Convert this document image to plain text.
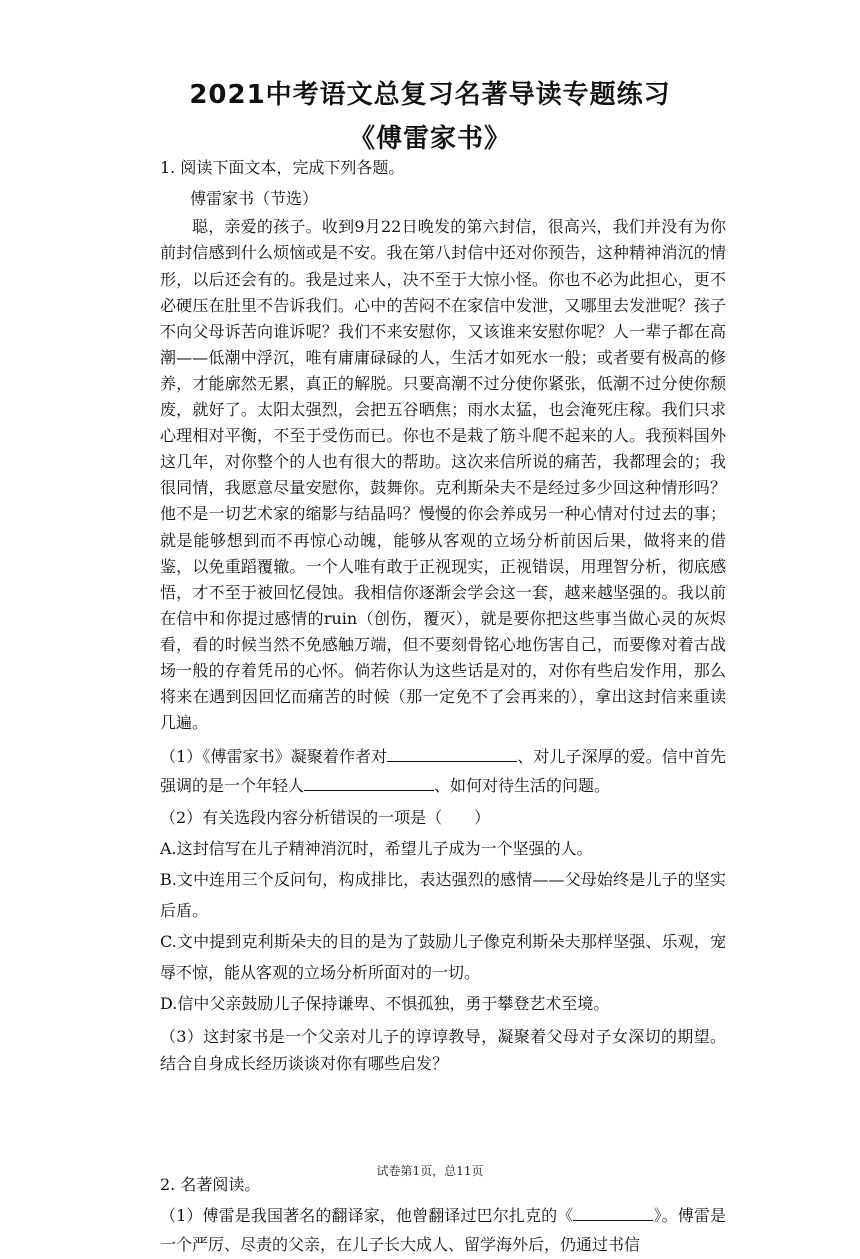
2021中考语文总复习名著导读专题练习
《傅雷家书》
1. 阅读下面文本，完成下列各题。
傅雷家书（节选）

聪，亲爱的孩子。收到9月22日晚发的第六封信，很高兴，我们并没有为你前封信感到什么烦恼或是不安。我在第八封信中还对你预告，这种精神消沉的情形，以后还会有的。我是过来人，决不至于大惊小怪。你也不必为此担心，更不必硬压在肚里不告诉我们。心中的苦闷不在家信中发泄，又哪里去发泄呢？孩子不向父母诉苦向谁诉呢？我们不来安慰你，又该谁来安慰你呢？人一辈子都在高潮——低潮中浮沉，唯有庸庸碌碌的人，生活才如死水一般；或者要有极高的修养，才能廓然无累，真正的解脱。只要高潮不过分使你紧张，低潮不过分使你颓废，就好了。太阳太强烈，会把五谷晒焦；雨水太猛，也会淹死庄稼。我们只求心理相对平衡，不至于受伤而已。你也不是栽了筋斗爬不起来的人。我预料国外这几年，对你整个的人也有很大的帮助。这次来信所说的痛苦，我都理会的；我很同情，我愿意尽量安慰你，鼓舞你。克利斯朵夫不是经过多少回这种情形吗？他不是一切艺术家的缩影与结晶吗？慢慢的你会养成另一种心情对付过去的事；就是能够想到而不再惊心动魄，能够从客观的立场分析前因后果，做将来的借鉴，以免重蹈覆辙。一个人唯有敢于正视现实，正视错误，用理智分析，彻底感悟，才不至于被回忆侵蚀。我相信你逐渐会学会这一套，越来越坚强的。我以前在信中和你提过感情的ruin（创伤，覆灭），就是要你把这些事当做心灵的灰烬看，看的时候当然不免感触万端，但不要刻骨铭心地伤害自己，而要像对着古战场一般的存着凭吊的心怀。倘若你认为这些话是对的，对你有些启发作用，那么将来在遇到因回忆而痛苦的时候（那一定免不了会再来的），拿出这封信来重读几遍。

（1）《傅雷家书》凝聚着作者对	、对儿子深厚的爱。信中首先强调的是一个年轻人	、如何对待生活的问题。

（2）有关选段内容分析错误的一项是（　　）

A.这封信写在儿子精神消沉时，希望儿子成为一个坚强的人。

B.文中连用三个反问句，构成排比，表达强烈的感情——父母始终是儿子的坚实后盾。

C.文中提到克利斯朵夫的目的是为了鼓励儿子像克利斯朵夫那样坚强、乐观，宠辱不惊，能从客观的立场分析所面对的一切。

D.信中父亲鼓励儿子保持谦卑、不惧孤独，勇于攀登艺术至境。

（3）这封家书是一个父亲对儿子的谆谆教导，凝聚着父母对子女深切的期望。结合自身成长经历谈谈对你有哪些启发？

2. 名著阅读。

（1）傅雷是我国著名的翻译家，他曾翻译过巴尔扎克的《	》。傅雷是一个严厉、尽责的父亲，在儿子长大成人、留学海外后，仍通过书信

试卷第1页，总11页
